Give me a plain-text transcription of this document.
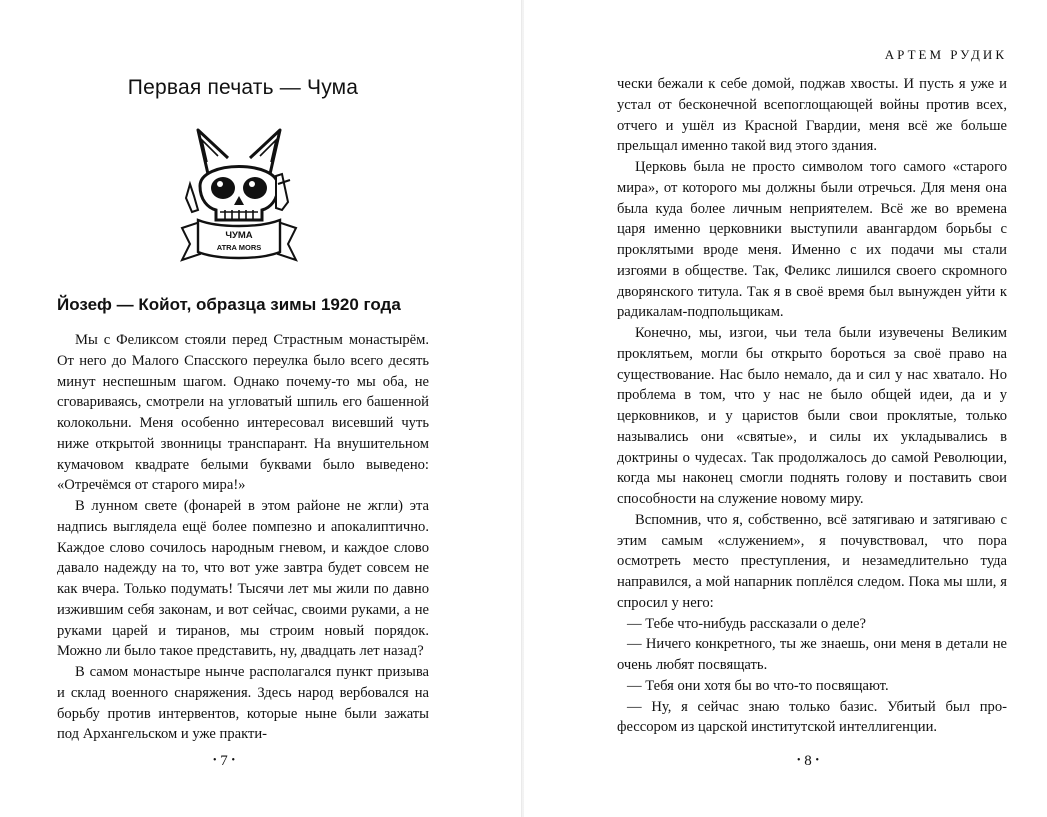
Первая печать — Чума
ЧУМА
ATRA MORS
Йозеф — Койот, образца зимы 1920 года

Мы с Феликсом стояли перед Страстным монастырём. От него до Малого Спасского переулка было всего десять минут неспешным шагом. Однако почему-то мы оба, не сговариваясь, смотрели на угловатый шпиль его башенной колокольни. Меня особенно интересовал висевший чуть ниже открытой звонницы транспарант. На внушительном кумачовом квадрате белыми буквами было выведено: «Отречёмся от старого мира!»

В лунном свете (фонарей в этом районе не жгли) эта надпись выглядела ещё более помпезно и апокалиптично. Каждое слово сочилось народным гневом, и каждое слово давало надежду на то, что вот уже завтра будет совсем не как вчера. Только подумать! Тысячи лет мы жили по давно изжившим себя законам, и вот сейчас, своими руками, а не руками царей и тиранов, мы строим новый порядок. Можно ли было такое представить, ну, двадцать лет назад?

В самом монастыре нынче располагался пункт призыва и склад военного снаряжения. Здесь народ вербовался на борьбу против интервентов, которые ныне были зажаты под Архангельском и уже практи-

• 7 •
АРТЕМ РУДИК

чески бежали к себе домой, поджав хвосты. И пусть я уже и устал от бесконечной всепоглощающей войны против всех, отчего и ушёл из Красной Гвардии, меня всё же больше прельщал именно такой вид этого здания.

Церковь была не просто символом того самого «старого мира», от которого мы должны были отречься. Для меня она была куда более личным неприятелем. Всё же во времена царя именно церковники выступили авангардом борьбы с проклятыми вроде меня. Именно с их подачи мы стали изгоями в обществе. Так, Феликс лишился своего скромного дворянского титула. Так я в своё время был вынужден уйти к радикалам-подпольщикам.

Конечно, мы, изгои, чьи тела были изувечены Великим проклятьем, могли бы открыто бороться за своё право на существование. Нас было немало, да и сил у нас хватало. Но проблема в том, что у нас не было общей идеи, да и у церковников, и у царистов были свои проклятые, только назывались они «святые», и силы их укладывались в доктрины о чудесах. Так продолжалось до самой Революции, когда мы наконец смогли поднять голову и поставить свои способности на служение новому миру.

Вспомнив, что я, собственно, всё затягиваю и затягиваю с этим самым «служением», я почувствовал, что пора осмотреть место преступления, и незамедлительно туда направился, а мой напарник поплёлся следом. Пока мы шли, я спросил у него:

— Тебе что-нибудь рассказали о деле?

— Ничего конкретного, ты же знаешь, они меня в детали не очень любят посвящать.

— Тебя они хотя бы во что-то посвящают.

— Ну, я сейчас знаю только базис. Убитый был профессором из царской институтской интеллигенции.

• 8 •
